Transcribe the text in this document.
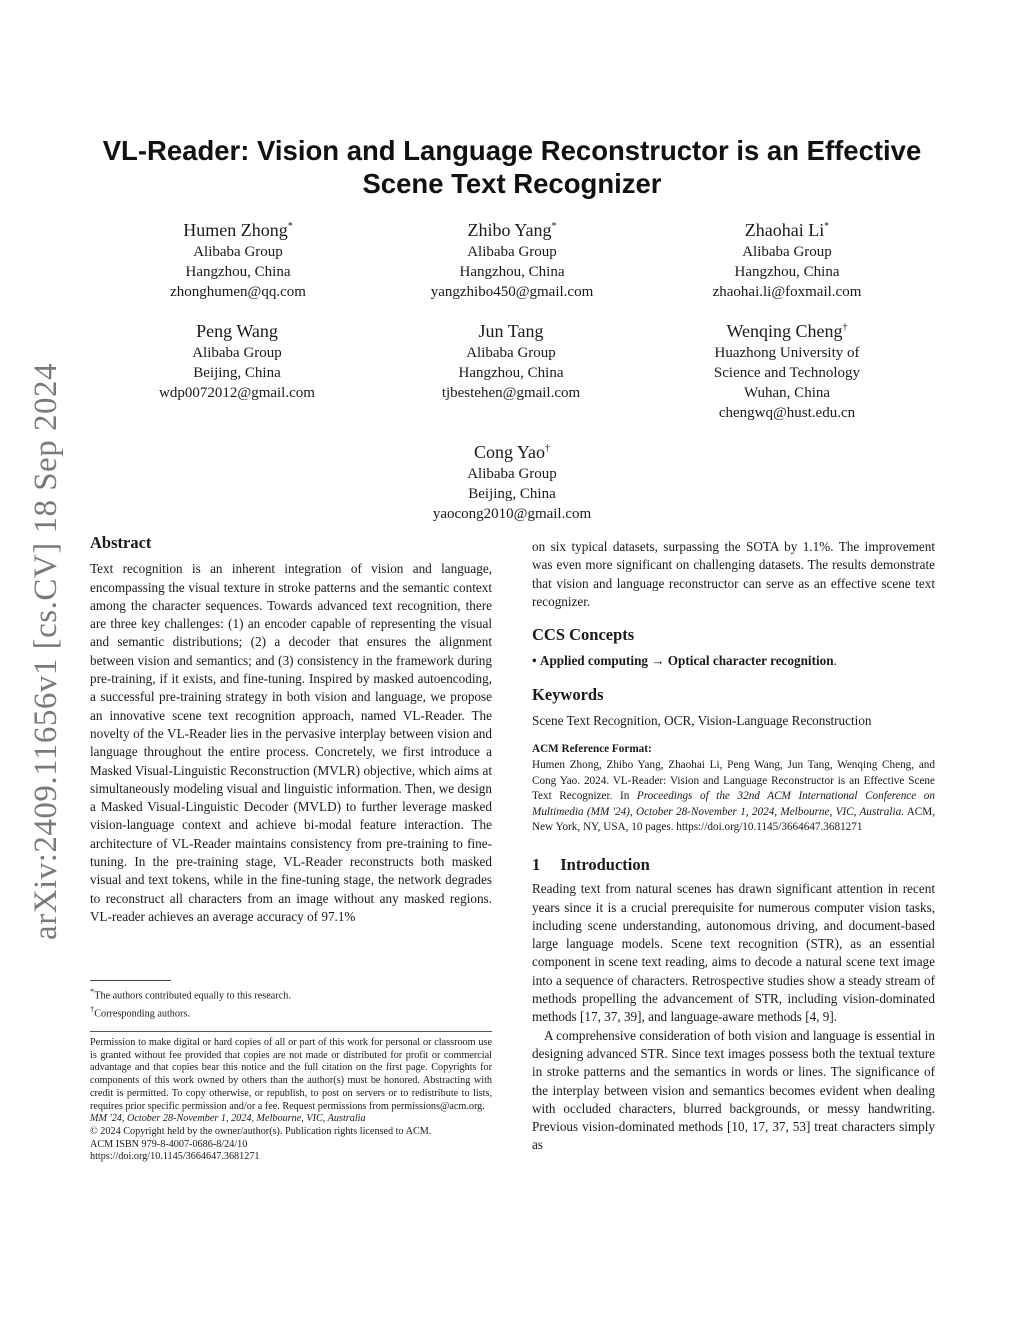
arXiv:2409.11656v1 [cs.CV] 18 Sep 2024
VL-Reader: Vision and Language Reconstructor is an Effective
Scene Text Recognizer
Humen Zhong*
Alibaba Group
Hangzhou, China
zhonghumen@qq.com
Zhibo Yang*
Alibaba Group
Hangzhou, China
yangzhibo450@gmail.com
Zhaohai Li*
Alibaba Group
Hangzhou, China
zhaohai.li@foxmail.com
Peng Wang
Alibaba Group
Beijing, China
wdp0072012@gmail.com
Jun Tang
Alibaba Group
Hangzhou, China
tjbestehen@gmail.com
Wenqing Cheng†
Huazhong University of
Science and Technology
Wuhan, China
chengwq@hust.edu.cn
Cong Yao†
Alibaba Group
Beijing, China
yaocong2010@gmail.com
Abstract

Text recognition is an inherent integration of vision and language, encompassing the visual texture in stroke patterns and the semantic context among the character sequences. Towards advanced text recognition, there are three key challenges: (1) an encoder capable of representing the visual and semantic distributions; (2) a decoder that ensures the alignment between vision and semantics; and (3) consistency in the framework during pre-training, if it exists, and fine-tuning. Inspired by masked autoencoding, a successful pre-training strategy in both vision and language, we propose an innovative scene text recognition approach, named VL-Reader. The novelty of the VL-Reader lies in the pervasive interplay between vision and language throughout the entire process. Concretely, we first introduce a Masked Visual-Linguistic Reconstruction (MVLR) objective, which aims at simultaneously modeling visual and linguistic information. Then, we design a Masked Visual-Linguistic Decoder (MVLD) to further leverage masked vision-language context and achieve bi-modal feature interaction. The architecture of VL-Reader maintains consistency from pre-training to fine-tuning. In the pre-training stage, VL-Reader reconstructs both masked visual and text tokens, while in the fine-tuning stage, the network degrades to reconstruct all characters from an image without any masked regions. VL-reader achieves an average accuracy of 97.1%

*The authors contributed equally to this research.
†Corresponding authors.

Permission to make digital or hard copies of all or part of this work for personal or classroom use is granted without fee provided that copies are not made or distributed for profit or commercial advantage and that copies bear this notice and the full citation on the first page. Copyrights for components of this work owned by others than the author(s) must be honored. Abstracting with credit is permitted. To copy otherwise, or republish, to post on servers or to redistribute to lists, requires prior specific permission and/or a fee. Request permissions from permissions@acm.org.

MM '24, October 28-November 1, 2024, Melbourne, VIC, Australia

© 2024 Copyright held by the owner/author(s). Publication rights licensed to ACM.

ACM ISBN 979-8-4007-0686-8/24/10

https://doi.org/10.1145/3664647.3681271

on six typical datasets, surpassing the SOTA by 1.1%. The improvement was even more significant on challenging datasets. The results demonstrate that vision and language reconstructor can serve as an effective scene text recognizer.

CCS Concepts

• Applied computing → Optical character recognition.

Keywords

Scene Text Recognition, OCR, Vision-Language Reconstruction

ACM Reference Format:

Humen Zhong, Zhibo Yang, Zhaohai Li, Peng Wang, Jun Tang, Wenqing Cheng, and Cong Yao. 2024. VL-Reader: Vision and Language Reconstructor is an Effective Scene Text Recognizer. In Proceedings of the 32nd ACM International Conference on Multimedia (MM '24), October 28-November 1, 2024, Melbourne, VIC, Australia. ACM, New York, NY, USA, 10 pages. https://doi.org/10.1145/3664647.3681271

1 Introduction

Reading text from natural scenes has drawn significant attention in recent years since it is a crucial prerequisite for numerous computer vision tasks, including scene understanding, autonomous driving, and document-based large language models. Scene text recognition (STR), as an essential component in scene text reading, aims to decode a natural scene text image into a sequence of characters. Retrospective studies show a steady stream of methods propelling the advancement of STR, including vision-dominated methods [17, 37, 39], and language-aware methods [4, 9].

A comprehensive consideration of both vision and language is essential in designing advanced STR. Since text images possess both the textual texture in stroke patterns and the semantics in words or lines. The significance of the interplay between vision and semantics becomes evident when dealing with occluded characters, blurred backgrounds, or messy handwriting. Previous vision-dominated methods [10, 17, 37, 53] treat characters simply as
